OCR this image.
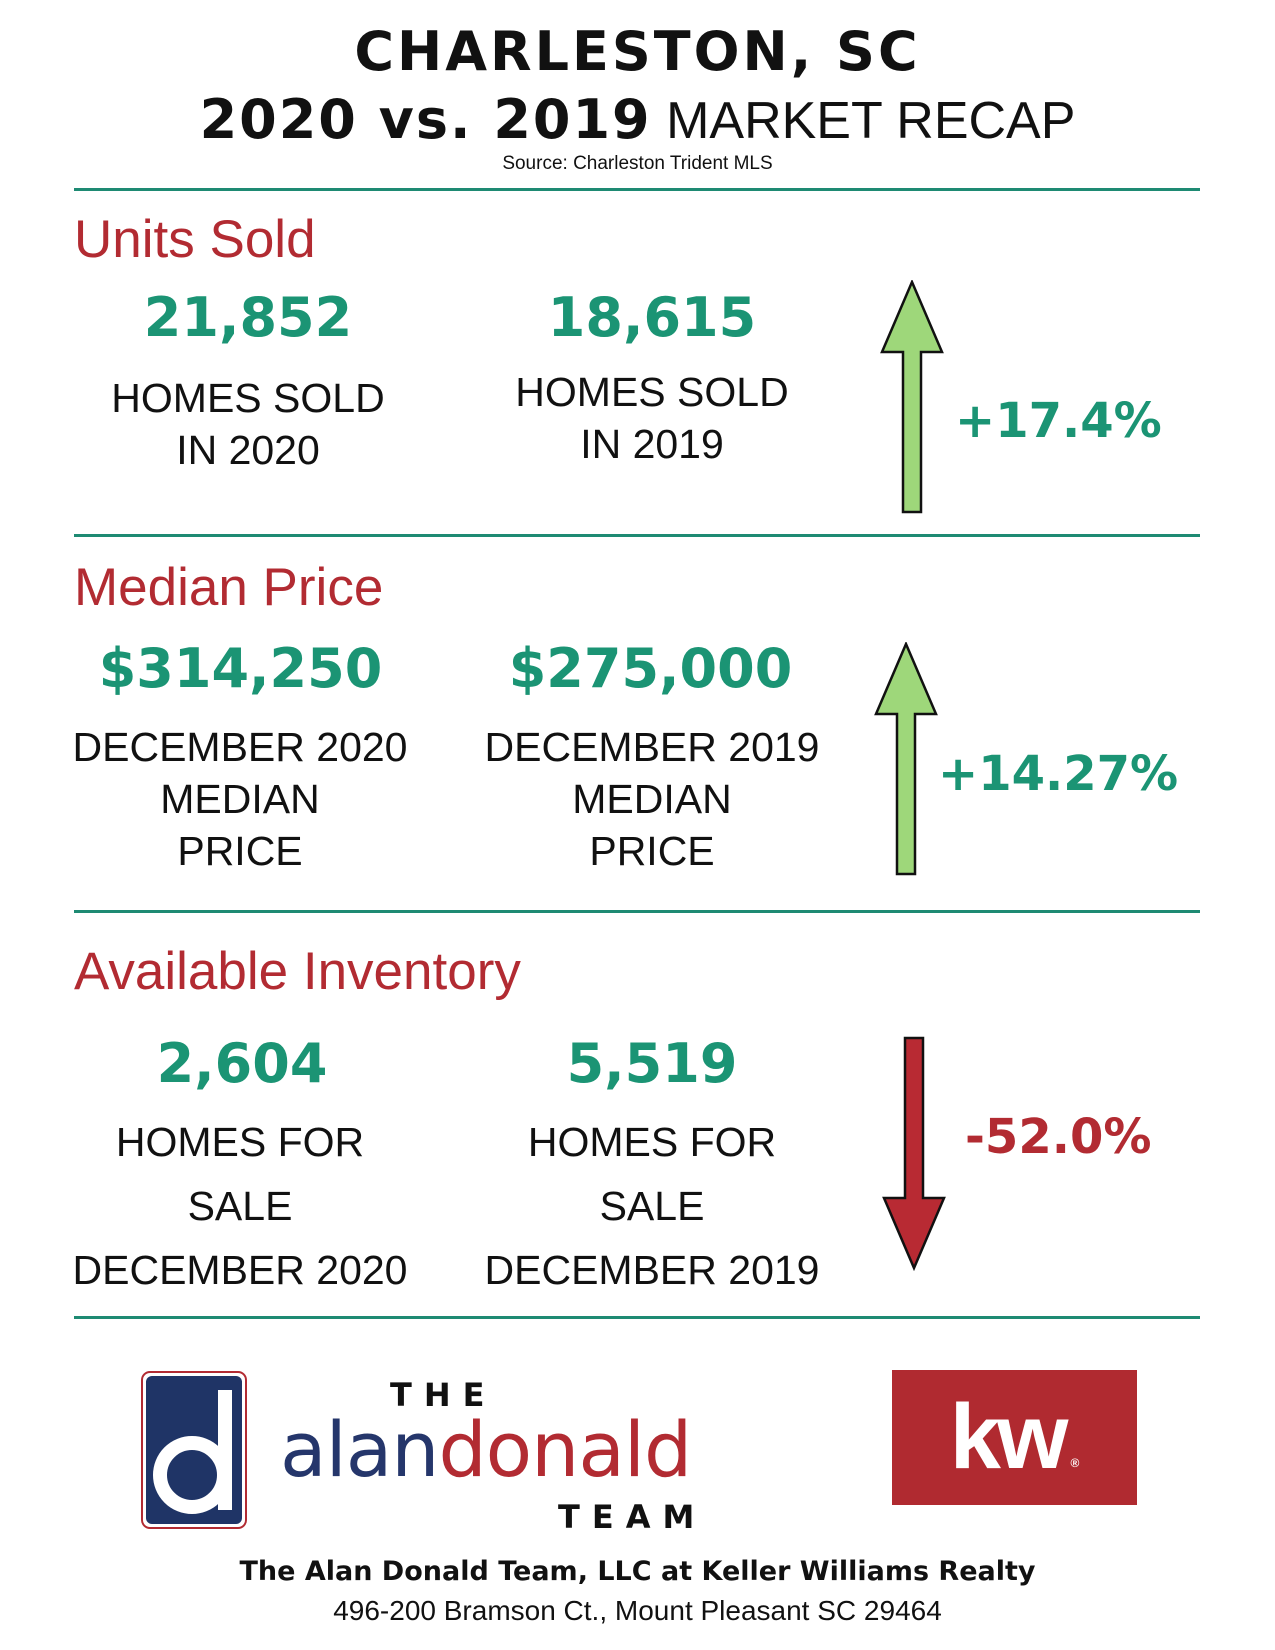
CHARLESTON, SC
2020 vs. 2019 MARKET RECAP
Source: Charleston Trident MLS
Units Sold
21,852
HOMES SOLD
IN 2020
18,615
HOMES SOLD
IN 2019	+17.4%
Median Price
$314,250
DECEMBER 2020
MEDIAN
PRICE
$275,000
DECEMBER 2019
MEDIAN
PRICE
+14.27%
Available Inventory
2,604
HOMES FOR
SALE
DECEMBER 2020
5,519
HOMES FOR
SALE
DECEMBER 2019
-52.0%
THE
alandonald
TEAM
kw ®
The Alan Donald Team, LLC at Keller Williams Realty
496-200 Bramson Ct., Mount Pleasant SC 29464
